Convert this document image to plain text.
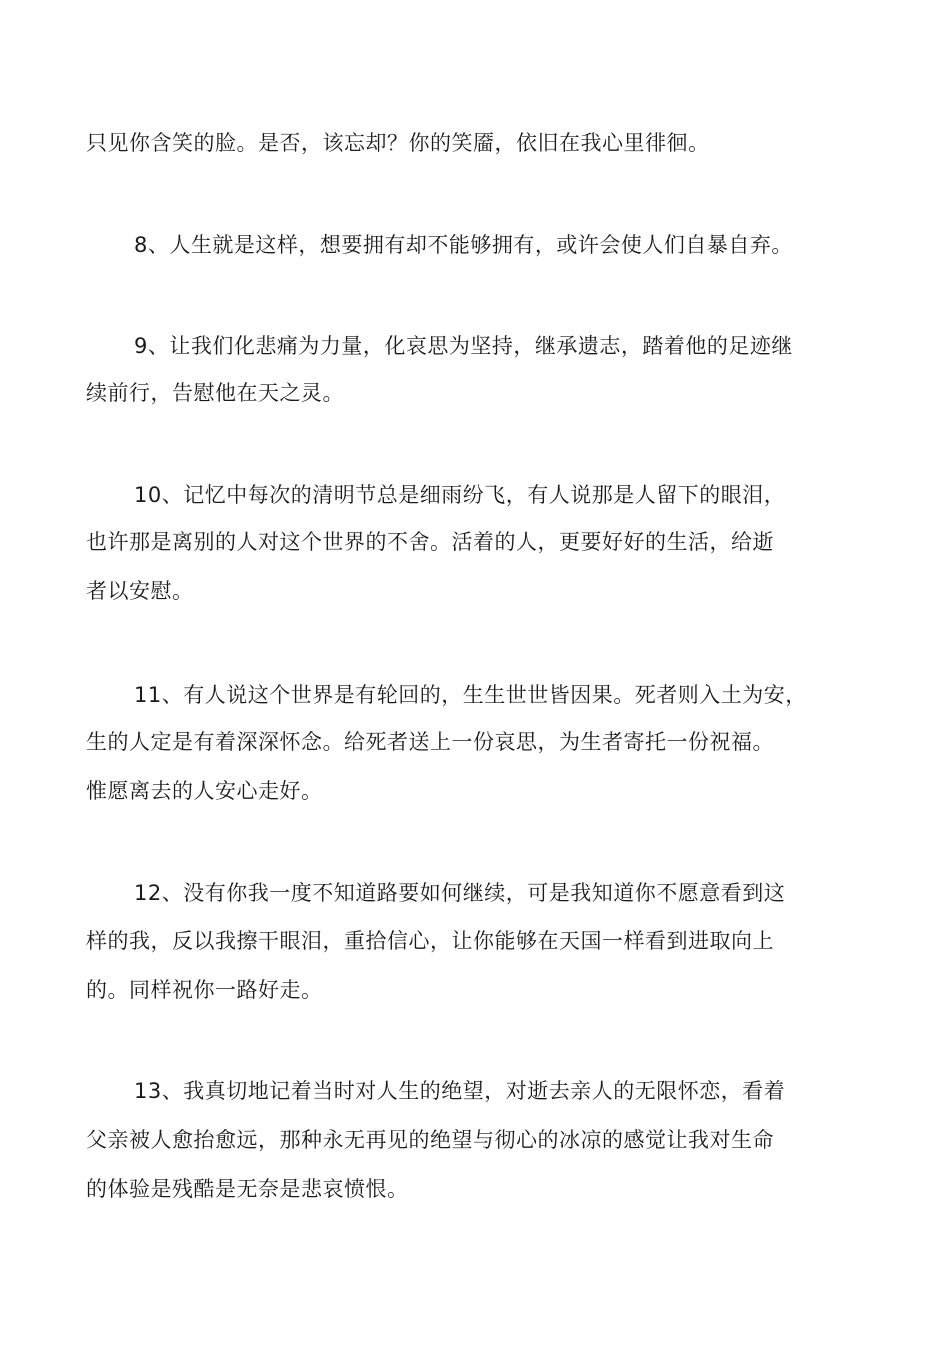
只见你含笑的脸。是否，该忘却？你的笑靥，依旧在我心里徘徊。
8、人生就是这样，想要拥有却不能够拥有，或许会使人们自暴自弃。
9、让我们化悲痛为力量，化哀思为坚持，继承遗志，踏着他的足迹继
续前行，告慰他在天之灵。
10、记忆中每次的清明节总是细雨纷飞，有人说那是人留下的眼泪，
也许那是离别的人对这个世界的不舍。活着的人，更要好好的生活，给逝
者以安慰。
11、有人说这个世界是有轮回的，生生世世皆因果。死者则入土为安，
生的人定是有着深深怀念。给死者送上一份哀思，为生者寄托一份祝福。
惟愿离去的人安心走好。
12、没有你我一度不知道路要如何继续，可是我知道你不愿意看到这
样的我，反以我擦干眼泪，重拾信心，让你能够在天国一样看到进取向上
的。同样祝你一路好走。
13、我真切地记着当时对人生的绝望，对逝去亲人的无限怀恋，看着
父亲被人愈抬愈远，那种永无再见的绝望与彻心的冰凉的感觉让我对生命
的体验是残酷是无奈是悲哀愤恨。
